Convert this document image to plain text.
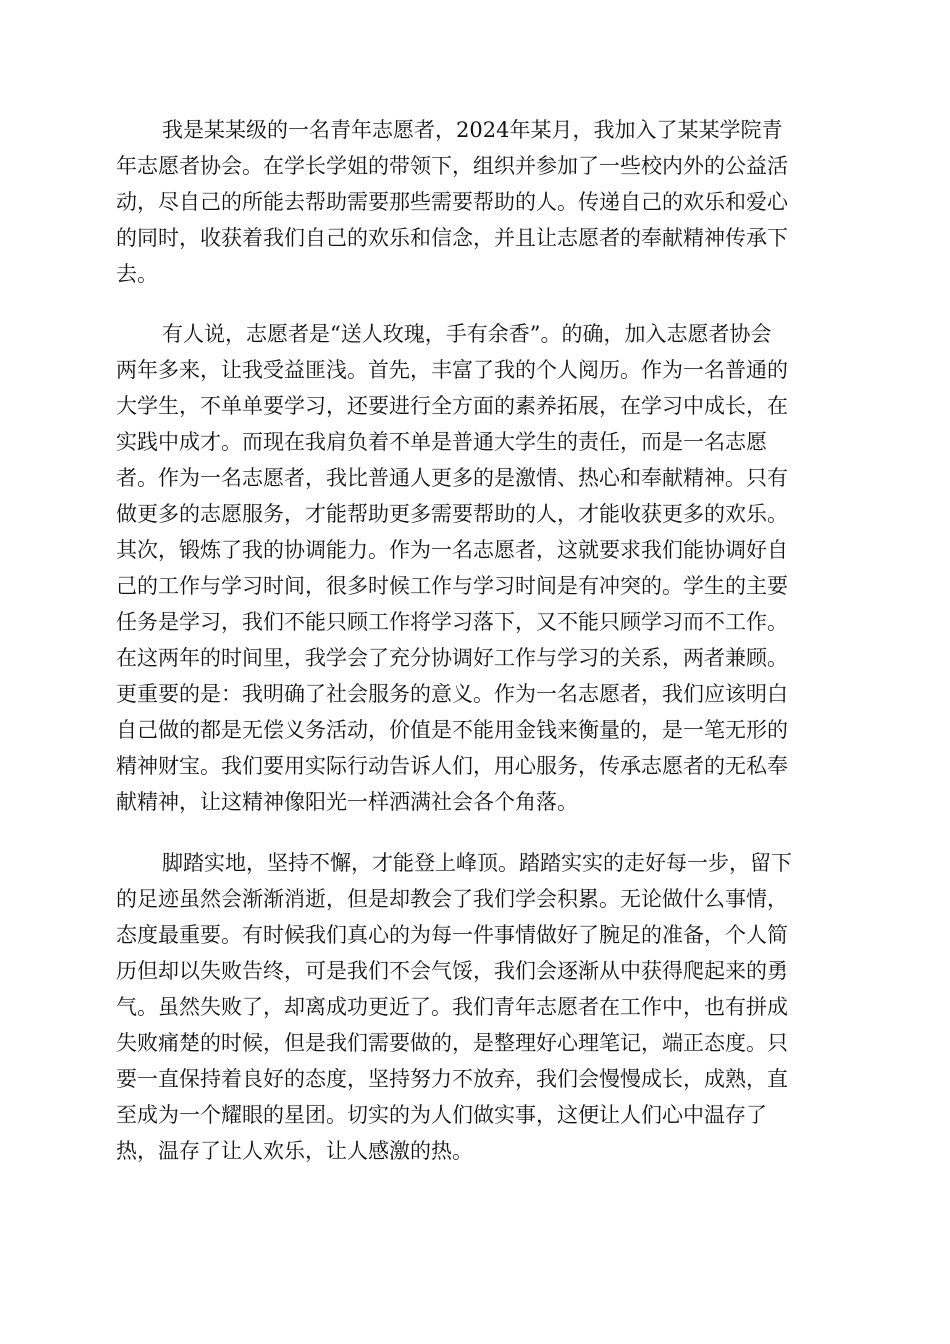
我是某某级的一名青年志愿者，2024年某月，我加入了某某学院青
年志愿者协会。在学长学姐的带领下，组织并参加了一些校内外的公益活
动，尽自己的所能去帮助需要那些需要帮助的人。传递自己的欢乐和爱心
的同时，收获着我们自己的欢乐和信念，并且让志愿者的奉献精神传承下
去。

有人说，志愿者是“送人玫瑰，手有余香”。的确，加入志愿者协会
两年多来，让我受益匪浅。首先，丰富了我的个人阅历。作为一名普通的
大学生，不单单要学习，还要进行全方面的素养拓展，在学习中成长，在
实践中成才。而现在我肩负着不单是普通大学生的责任，而是一名志愿
者。作为一名志愿者，我比普通人更多的是激情、热心和奉献精神。只有
做更多的志愿服务，才能帮助更多需要帮助的人，才能收获更多的欢乐。
其次，锻炼了我的协调能力。作为一名志愿者，这就要求我们能协调好自
己的工作与学习时间，很多时候工作与学习时间是有冲突的。学生的主要
任务是学习，我们不能只顾工作将学习落下，又不能只顾学习而不工作。
在这两年的时间里，我学会了充分协调好工作与学习的关系，两者兼顾。
更重要的是：我明确了社会服务的意义。作为一名志愿者，我们应该明白
自己做的都是无偿义务活动，价值是不能用金钱来衡量的，是一笔无形的
精神财宝。我们要用实际行动告诉人们，用心服务，传承志愿者的无私奉
献精神，让这精神像阳光一样洒满社会各个角落。

脚踏实地，坚持不懈，才能登上峰顶。踏踏实实的走好每一步，留下
的足迹虽然会渐渐消逝，但是却教会了我们学会积累。无论做什么事情，
态度最重要。有时候我们真心的为每一件事情做好了腕足的准备，个人简
历但却以失败告终，可是我们不会气馁，我们会逐渐从中获得爬起来的勇
气。虽然失败了，却离成功更近了。我们青年志愿者在工作中，也有拼成
失败痛楚的时候，但是我们需要做的，是整理好心理笔记，端正态度。只
要一直保持着良好的态度，坚持努力不放弃，我们会慢慢成长，成熟，直
至成为一个耀眼的星团。切实的为人们做实事，这便让人们心中温存了
热，温存了让人欢乐，让人感激的热。
